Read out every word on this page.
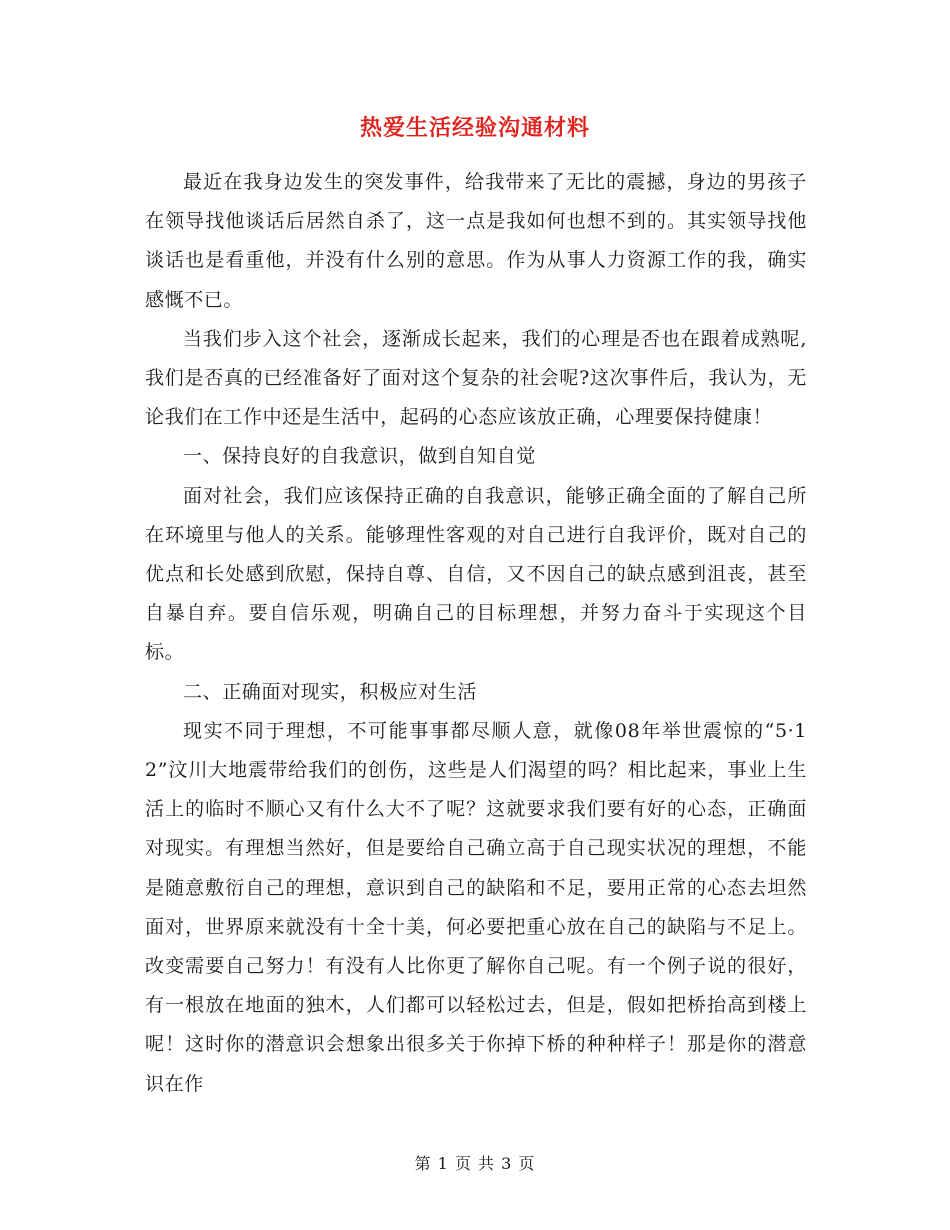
热爱生活经验沟通材料

最近在我身边发生的突发事件，给我带来了无比的震撼，身边的男孩子在领导找他谈话后居然自杀了，这一点是我如何也想不到的。其实领导找他谈话也是看重他，并没有什么别的意思。作为从事人力资源工作的我，确实感慨不已。

当我们步入这个社会，逐渐成长起来，我们的心理是否也在跟着成熟呢,我们是否真的已经准备好了面对这个复杂的社会呢?这次事件后，我认为，无论我们在工作中还是生活中，起码的心态应该放正确，心理要保持健康！

一、保持良好的自我意识，做到自知自觉

面对社会，我们应该保持正确的自我意识，能够正确全面的了解自己所在环境里与他人的关系。能够理性客观的对自己进行自我评价，既对自己的优点和长处感到欣慰，保持自尊、自信，又不因自己的缺点感到沮丧，甚至自暴自弃。要自信乐观，明确自己的目标理想，并努力奋斗于实现这个目标。

二、正确面对现实，积极应对生活

现实不同于理想，不可能事事都尽顺人意，就像08年举世震惊的“5·12”汶川大地震带给我们的创伤，这些是人们渴望的吗？相比起来，事业上生活上的临时不顺心又有什么大不了呢？这就要求我们要有好的心态，正确面对现实。有理想当然好，但是要给自己确立高于自己现实状况的理想，不能是随意敷衍自己的理想，意识到自己的缺陷和不足，要用正常的心态去坦然面对，世界原来就没有十全十美，何必要把重心放在自己的缺陷与不足上。改变需要自己努力！有没有人比你更了解你自己呢。有一个例子说的很好，有一根放在地面的独木，人们都可以轻松过去，但是，假如把桥抬高到楼上呢！这时你的潜意识会想象出很多关于你掉下桥的种种样子！那是你的潜意识在作

第 1 页 共 3 页
